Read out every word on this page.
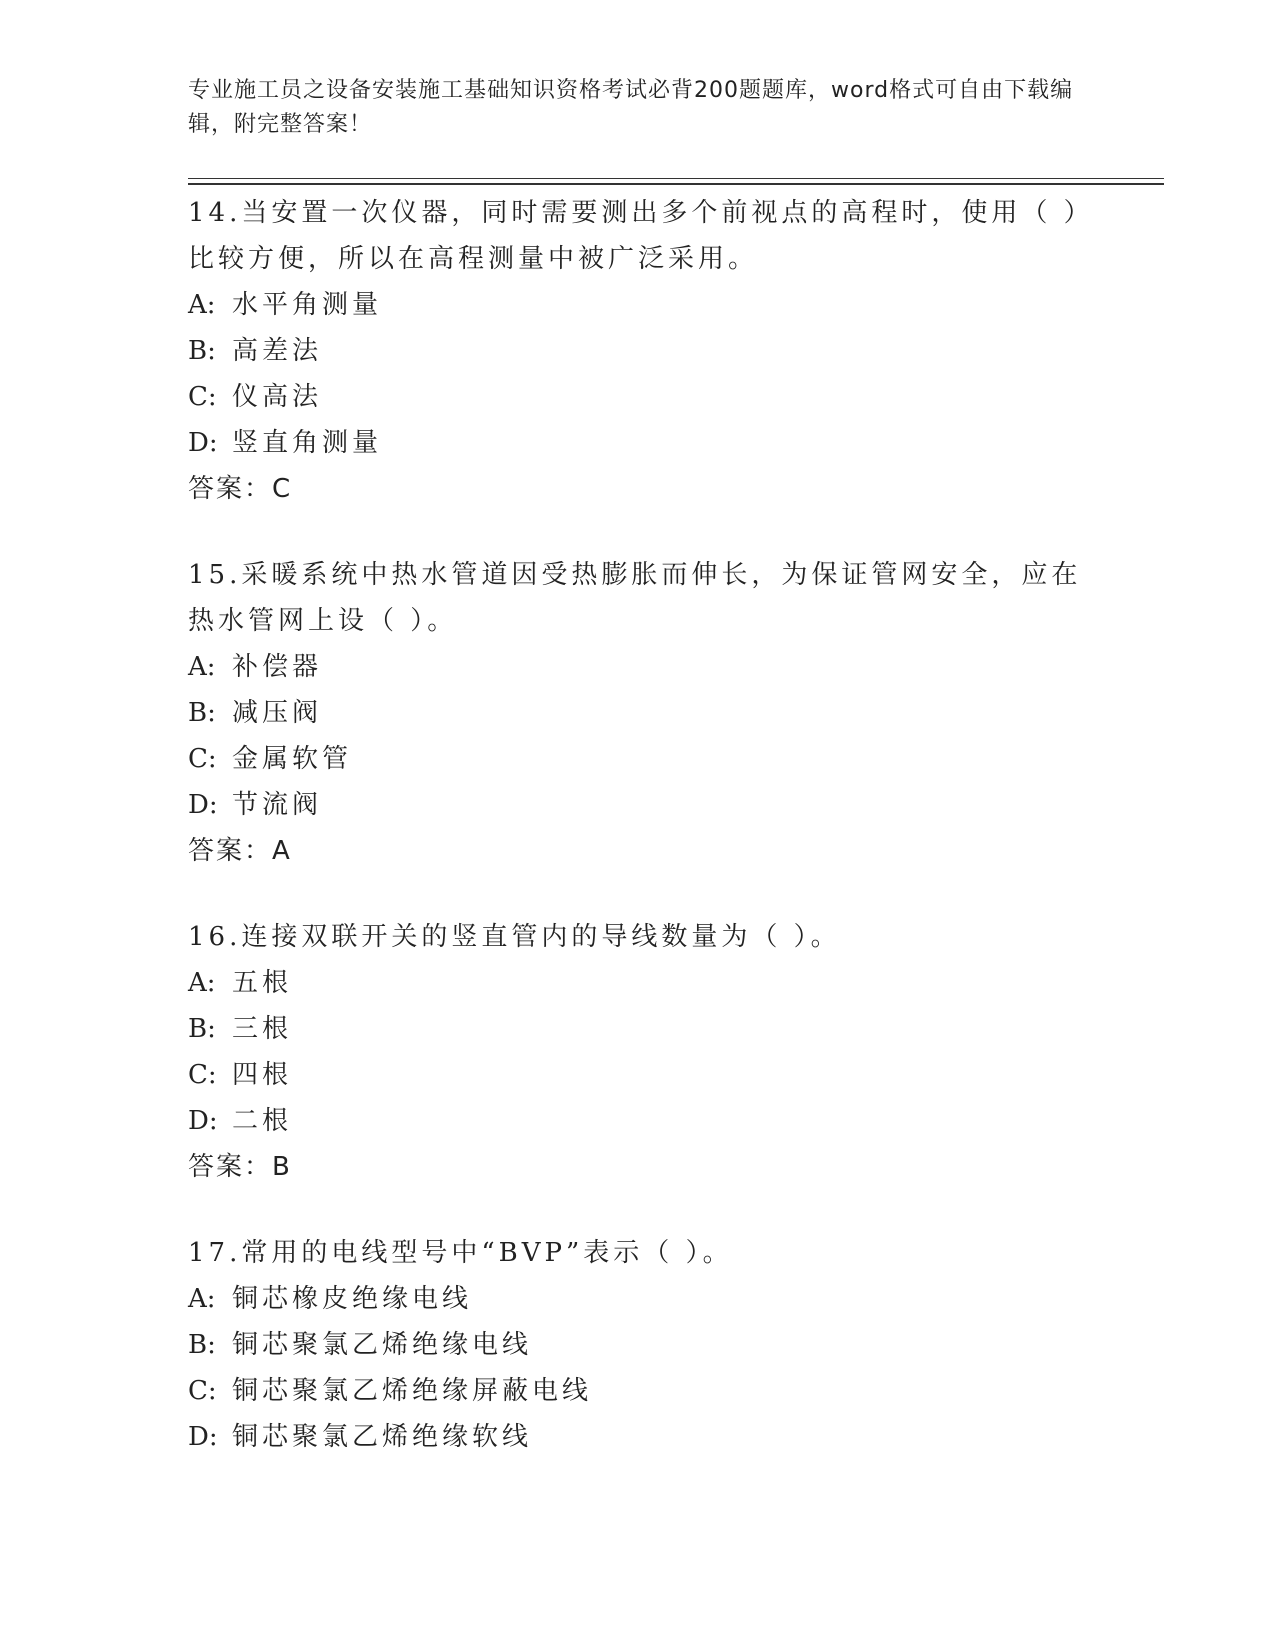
专业施工员之设备安装施工基础知识资格考试必背200题题库，word格式可自由下载编辑，附完整答案！
14.当安置一次仪器，同时需要测出多个前视点的高程时，使用（ ）比较方便，所以在高程测量中被广泛采用。
A: 水平角测量
B: 高差法
C: 仪高法
D: 竖直角测量
答案：C
15.采暖系统中热水管道因受热膨胀而伸长，为保证管网安全，应在热水管网上设（ ）。
A: 补偿器
B: 减压阀
C: 金属软管
D: 节流阀
答案：A
16.连接双联开关的竖直管内的导线数量为（ ）。
A: 五根
B: 三根
C: 四根
D: 二根
答案：B
17.常用的电线型号中“BVP”表示（ ）。
A: 铜芯橡皮绝缘电线
B: 铜芯聚氯乙烯绝缘电线
C: 铜芯聚氯乙烯绝缘屏蔽电线
D: 铜芯聚氯乙烯绝缘软线
